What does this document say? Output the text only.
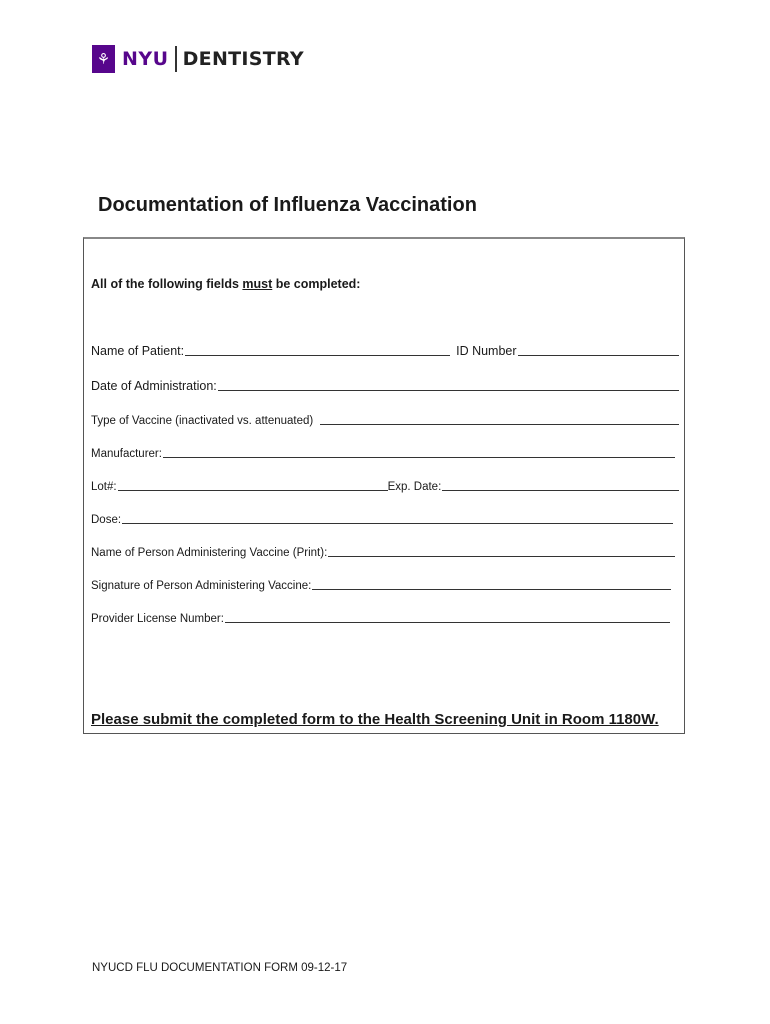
⚘ NYU DENTISTRY
Documentation of Influenza Vaccination
All of the following fields must be completed:
Name of Patient:	ID Number
Date of Administration:
Type of Vaccine (inactivated vs. attenuated)
Manufacturer:
Lot#:	Exp. Date:
Dose:
Name of Person Administering Vaccine (Print):
Signature of Person Administering Vaccine:
Provider License Number:
Please submit the completed form to the Health Screening Unit in Room 1180W.
NYUCD FLU DOCUMENTATION FORM 09-12-17
